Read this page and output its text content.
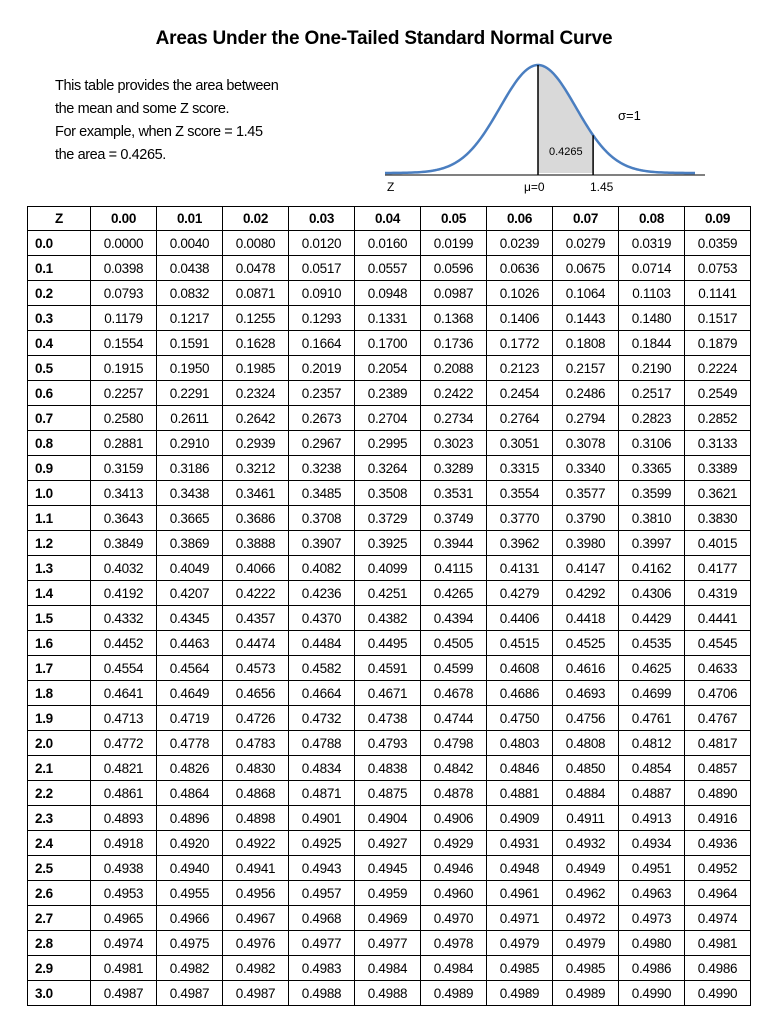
Areas Under the One-Tailed Standard Normal Curve
This table provides the area between
the mean and some Z score.
For example, when Z score = 1.45
the area = 0.4265.
σ=1
0.4265
Z	μ=0	1.45
Z	0.00	0.01	0.02	0.03	0.04	0.05	0.06	0.07	0.08	0.09
0.0	0.0000	0.0040	0.0080	0.0120	0.0160	0.0199	0.0239	0.0279	0.0319	0.0359
0.1	0.0398	0.0438	0.0478	0.0517	0.0557	0.0596	0.0636	0.0675	0.0714	0.0753
0.2	0.0793	0.0832	0.0871	0.0910	0.0948	0.0987	0.1026	0.1064	0.1103	0.1141
0.3	0.1179	0.1217	0.1255	0.1293	0.1331	0.1368	0.1406	0.1443	0.1480	0.1517
0.4	0.1554	0.1591	0.1628	0.1664	0.1700	0.1736	0.1772	0.1808	0.1844	0.1879
0.5	0.1915	0.1950	0.1985	0.2019	0.2054	0.2088	0.2123	0.2157	0.2190	0.2224
0.6	0.2257	0.2291	0.2324	0.2357	0.2389	0.2422	0.2454	0.2486	0.2517	0.2549
0.7	0.2580	0.2611	0.2642	0.2673	0.2704	0.2734	0.2764	0.2794	0.2823	0.2852
0.8	0.2881	0.2910	0.2939	0.2967	0.2995	0.3023	0.3051	0.3078	0.3106	0.3133
0.9	0.3159	0.3186	0.3212	0.3238	0.3264	0.3289	0.3315	0.3340	0.3365	0.3389
1.0	0.3413	0.3438	0.3461	0.3485	0.3508	0.3531	0.3554	0.3577	0.3599	0.3621
1.1	0.3643	0.3665	0.3686	0.3708	0.3729	0.3749	0.3770	0.3790	0.3810	0.3830
1.2	0.3849	0.3869	0.3888	0.3907	0.3925	0.3944	0.3962	0.3980	0.3997	0.4015
1.3	0.4032	0.4049	0.4066	0.4082	0.4099	0.4115	0.4131	0.4147	0.4162	0.4177
1.4	0.4192	0.4207	0.4222	0.4236	0.4251	0.4265	0.4279	0.4292	0.4306	0.4319
1.5	0.4332	0.4345	0.4357	0.4370	0.4382	0.4394	0.4406	0.4418	0.4429	0.4441
1.6	0.4452	0.4463	0.4474	0.4484	0.4495	0.4505	0.4515	0.4525	0.4535	0.4545
1.7	0.4554	0.4564	0.4573	0.4582	0.4591	0.4599	0.4608	0.4616	0.4625	0.4633
1.8	0.4641	0.4649	0.4656	0.4664	0.4671	0.4678	0.4686	0.4693	0.4699	0.4706
1.9	0.4713	0.4719	0.4726	0.4732	0.4738	0.4744	0.4750	0.4756	0.4761	0.4767
2.0	0.4772	0.4778	0.4783	0.4788	0.4793	0.4798	0.4803	0.4808	0.4812	0.4817
2.1	0.4821	0.4826	0.4830	0.4834	0.4838	0.4842	0.4846	0.4850	0.4854	0.4857
2.2	0.4861	0.4864	0.4868	0.4871	0.4875	0.4878	0.4881	0.4884	0.4887	0.4890
2.3	0.4893	0.4896	0.4898	0.4901	0.4904	0.4906	0.4909	0.4911	0.4913	0.4916
2.4	0.4918	0.4920	0.4922	0.4925	0.4927	0.4929	0.4931	0.4932	0.4934	0.4936
2.5	0.4938	0.4940	0.4941	0.4943	0.4945	0.4946	0.4948	0.4949	0.4951	0.4952
2.6	0.4953	0.4955	0.4956	0.4957	0.4959	0.4960	0.4961	0.4962	0.4963	0.4964
2.7	0.4965	0.4966	0.4967	0.4968	0.4969	0.4970	0.4971	0.4972	0.4973	0.4974
2.8	0.4974	0.4975	0.4976	0.4977	0.4977	0.4978	0.4979	0.4979	0.4980	0.4981
2.9	0.4981	0.4982	0.4982	0.4983	0.4984	0.4984	0.4985	0.4985	0.4986	0.4986
3.0	0.4987	0.4987	0.4987	0.4988	0.4988	0.4989	0.4989	0.4989	0.4990	0.4990
